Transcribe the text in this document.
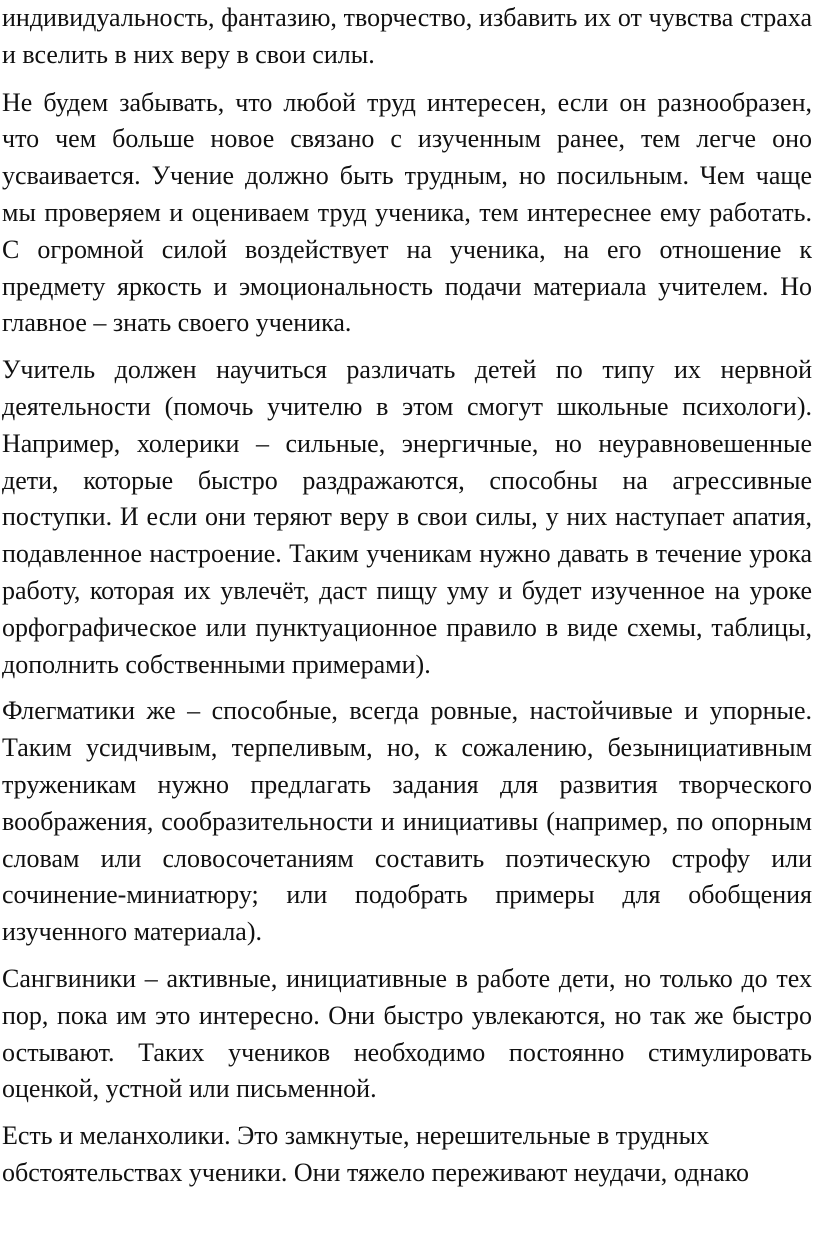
индивидуальность, фантазию, творчество, избавить их от чувства страха и вселить в них веру в свои силы.

Не будем забывать, что любой труд интересен, если он разнообразен, что чем больше новое связано с изученным ранее, тем легче оно усваивается. Учение должно быть трудным, но посильным. Чем чаще мы проверяем и оцениваем труд ученика, тем интереснее ему работать. С огромной силой воздействует на ученика, на его отношение к предмету яркость и эмоциональность подачи материала учителем. Но главное – знать своего ученика.

Учитель должен научиться различать детей по типу их нервной деятельности (помочь учителю в этом смогут школьные психологи). Например, холерики – сильные, энергичные, но неуравновешенные дети, которые быстро раздражаются, способны на агрессивные поступки. И если они теряют веру в свои силы, у них наступает апатия, подавленное настроение. Таким ученикам нужно давать в течение урока работу, которая их увлечёт, даст пищу уму и будет изученное на уроке орфографическое или пунктуационное правило в виде схемы, таблицы, дополнить собственными примерами).

Флегматики же – способные, всегда ровные, настойчивые и упорные. Таким усидчивым, терпеливым, но, к сожалению, безынициативным труженикам нужно предлагать задания для развития творческого воображения, сообразительности и инициативы (например, по опорным словам или словосочетаниям составить поэтическую строфу или сочинение-миниатюру; или подобрать примеры для обобщения изученного материала).

Сангвиники – активные, инициативные в работе дети, но только до тех пор, пока им это интересно. Они быстро увлекаются, но так же быстро остывают. Таких учеников необходимо постоянно стимулировать оценкой, устной или письменной.

Есть и меланхолики. Это замкнутые, нерешительные в трудных обстоятельствах ученики. Они тяжело переживают неудачи, однако
